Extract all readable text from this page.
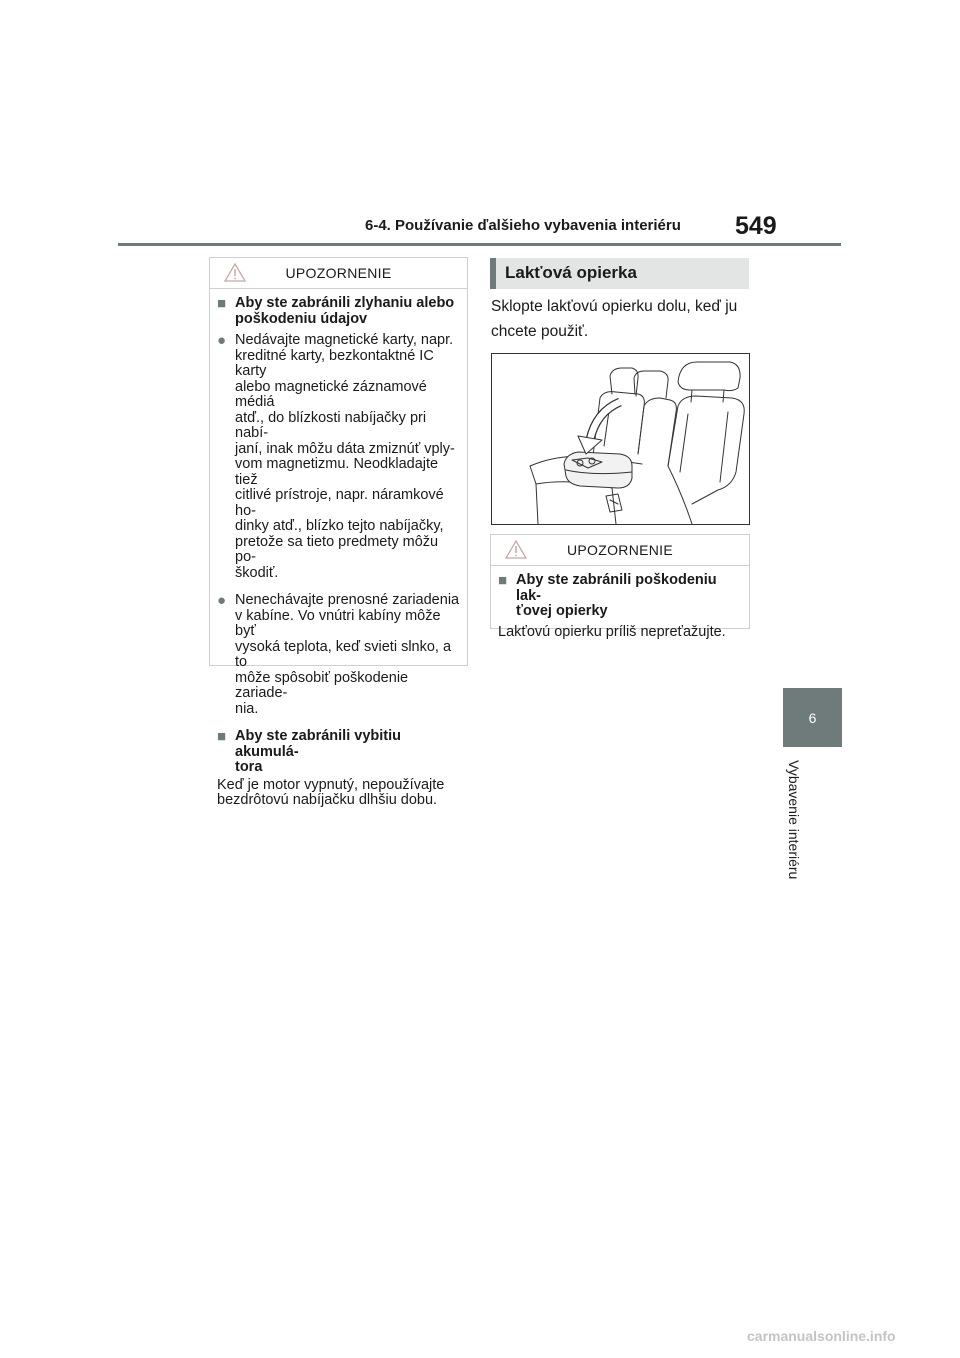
6-4. Používanie ďalšieho vybavenia interiéru 549
6
Vybavenie interiéru
UPOZORNENIE
■ Aby ste zabránili zlyhaniu alebo
poškodeniu údajov
● Nedávajte magnetické karty, napr.
kreditné karty, bezkontaktné IC karty
alebo magnetické záznamové médiá
atď., do blízkosti nabíjačky pri nabí-
janí, inak môžu dáta zmiznúť vply-
vom magnetizmu. Neodkladajte tiež
citlivé prístroje, napr. náramkové ho-
dinky atď., blízko tejto nabíjačky,
pretože sa tieto predmety môžu po-
škodiť.
● Nenechávajte prenosné zariadenia
v kabíne. Vo vnútri kabíny môže byť
vysoká teplota, keď svieti slnko, a to
môže spôsobiť poškodenie zariade-
nia.
■ Aby ste zabránili vybitiu akumulá-
tora
Keď je motor vypnutý, nepoužívajte
bezdrôtovú nabíjačku dlhšiu dobu.
Lakťová opierka
Sklopte lakťovú opierku dolu, keď ju
chcete použiť.
UPOZORNENIE
■ Aby ste zabránili poškodeniu lak-
ťovej opierky
Lakťovú opierku príliš nepreťažujte.
carmanualsonline.info
